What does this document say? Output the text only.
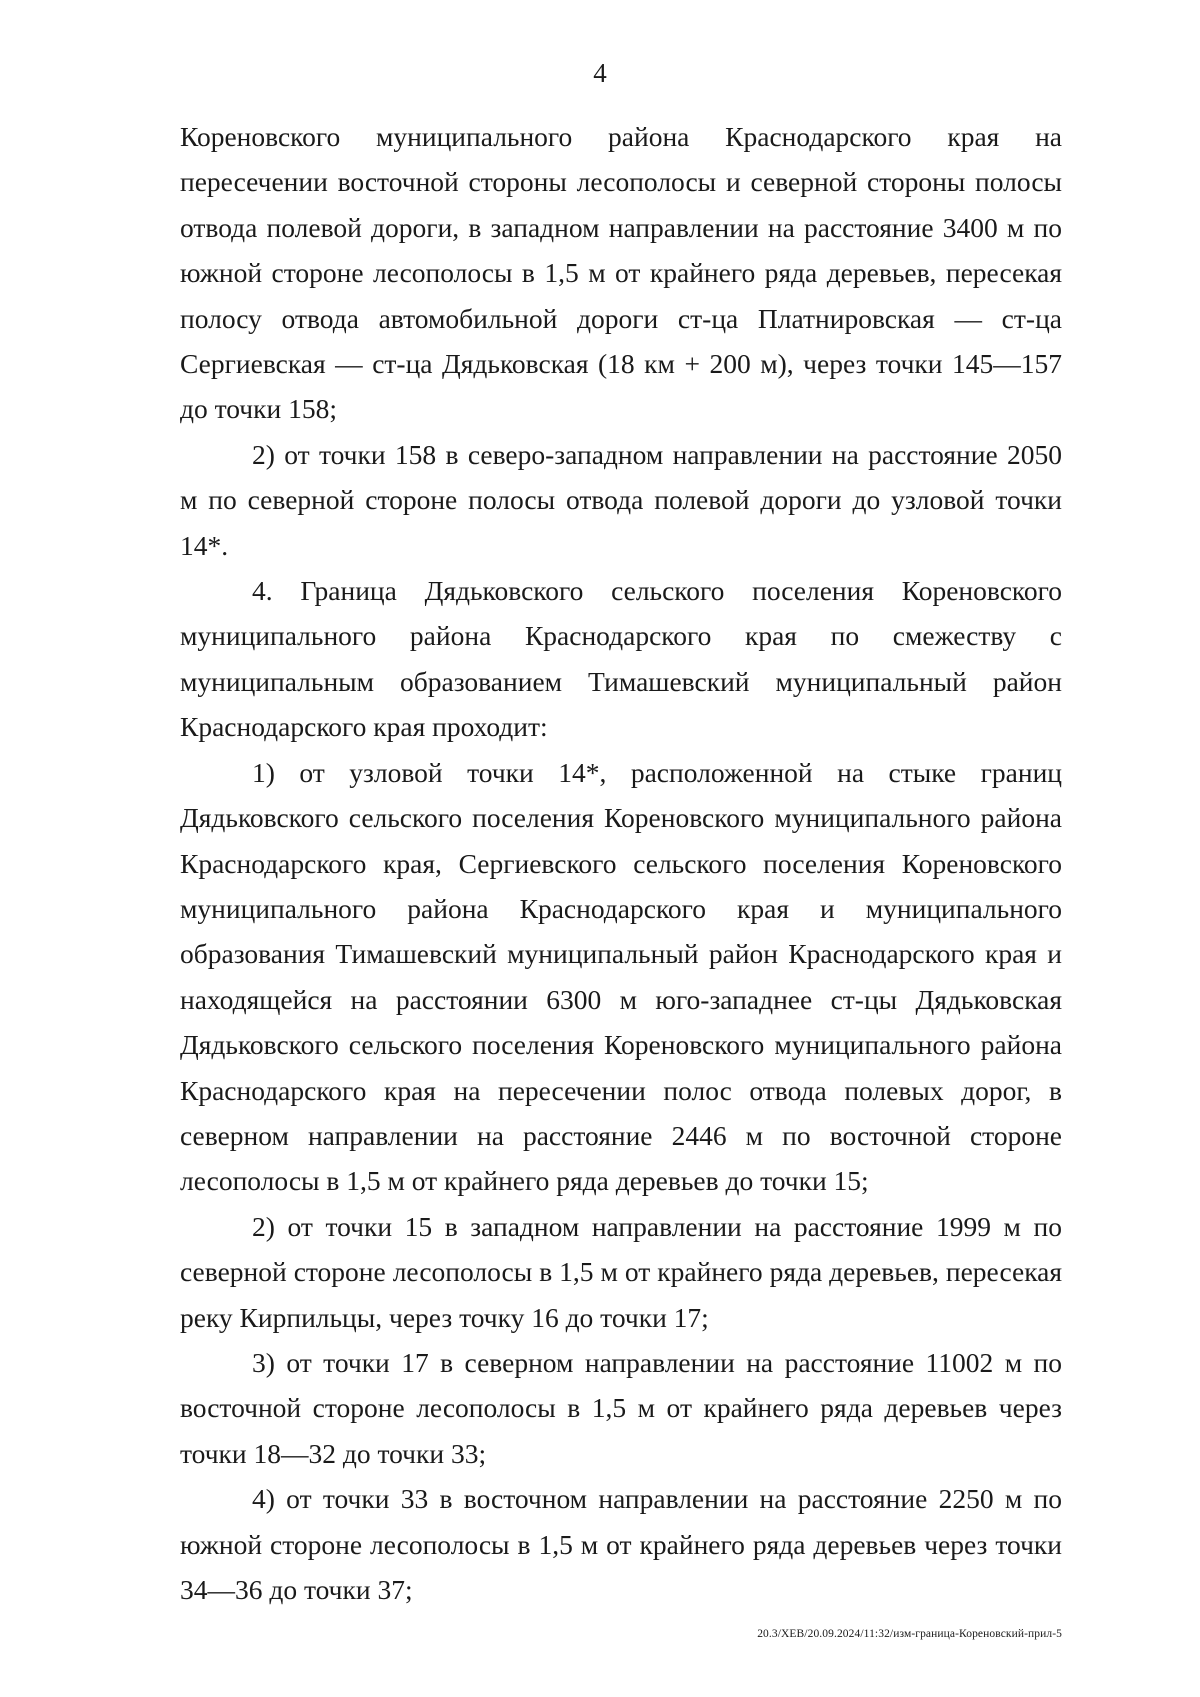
4

Кореновского муниципального района Краснодарского края на пересечении восточной стороны лесополосы и северной стороны полосы отвода полевой дороги, в западном направлении на расстояние 3400 м по южной стороне лесополосы в 1,5 м от крайнего ряда деревьев, пересекая полосу отвода автомобильной дороги ст-ца Платнировская — ст-ца Сергиевская — ст-ца Дядьковская (18 км + 200 м), через точки 145—157 до точки 158;

2) от точки 158 в северо-западном направлении на расстояние 2050 м по северной стороне полосы отвода полевой дороги до узловой точки 14*.

4. Граница Дядьковского сельского поселения Кореновского муниципального района Краснодарского края по смежеству с муниципальным образованием Тимашевский муниципальный район Краснодарского края проходит:

1) от узловой точки 14*, расположенной на стыке границ Дядьковского сельского поселения Кореновского муниципального района Краснодарского края, Сергиевского сельского поселения Кореновского муниципального района Краснодарского края и муниципального образования Тимашевский муниципальный район Краснодарского края и находящейся на расстоянии 6300 м юго-западнее ст-цы Дядьковская Дядьковского сельского поселения Кореновского муниципального района Краснодарского края на пересечении полос отвода полевых дорог, в северном направлении на расстояние 2446 м по восточной стороне лесополосы в 1,5 м от крайнего ряда деревьев до точки 15;

2) от точки 15 в западном направлении на расстояние 1999 м по северной стороне лесополосы в 1,5 м от крайнего ряда деревьев, пересекая реку Кирпильцы, через точку 16 до точки 17;

3) от точки 17 в северном направлении на расстояние 11002 м по восточной стороне лесополосы в 1,5 м от крайнего ряда деревьев через точки 18—32 до точки 33;

4) от точки 33 в восточном направлении на расстояние 2250 м по южной стороне лесополосы в 1,5 м от крайнего ряда деревьев через точки 34—36 до точки 37;

20.3/ХЕВ/20.09.2024/11:32/изм-граница-Кореновский-прил-5
